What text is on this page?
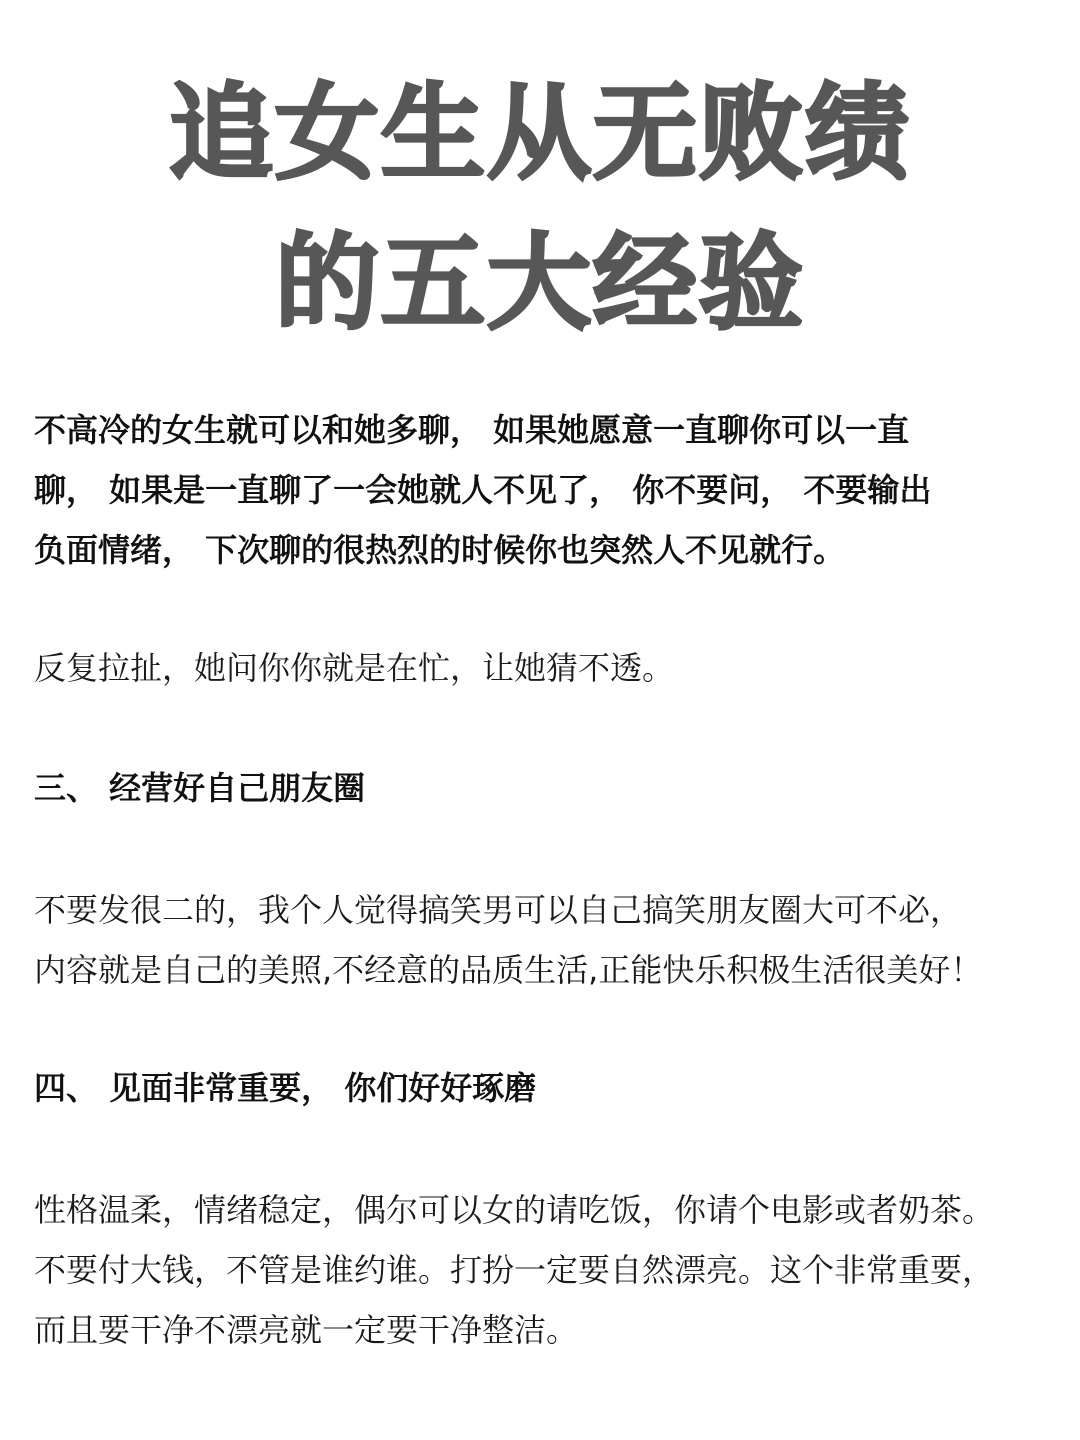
追女生从无败绩
的五大经验
不高冷的女生就可以和她多聊， 如果她愿意一直聊你可以一直
聊， 如果是一直聊了一会她就人不见了， 你不要问， 不要输出
负面情绪， 下次聊的很热烈的时候你也突然人不见就行。
反复拉扯，她问你你就是在忙，让她猜不透。
三、 经营好自己朋友圈
不要发很二的，我个人觉得搞笑男可以自己搞笑朋友圈大可不必，
内容就是自己的美照,不经意的品质生活,正能快乐积极生活很美好！
四、 见面非常重要， 你们好好琢磨
性格温柔，情绪稳定，偶尔可以女的请吃饭，你请个电影或者奶茶。
不要付大钱，不管是谁约谁。打扮一定要自然漂亮。这个非常重要，
而且要干净不漂亮就一定要干净整洁。
